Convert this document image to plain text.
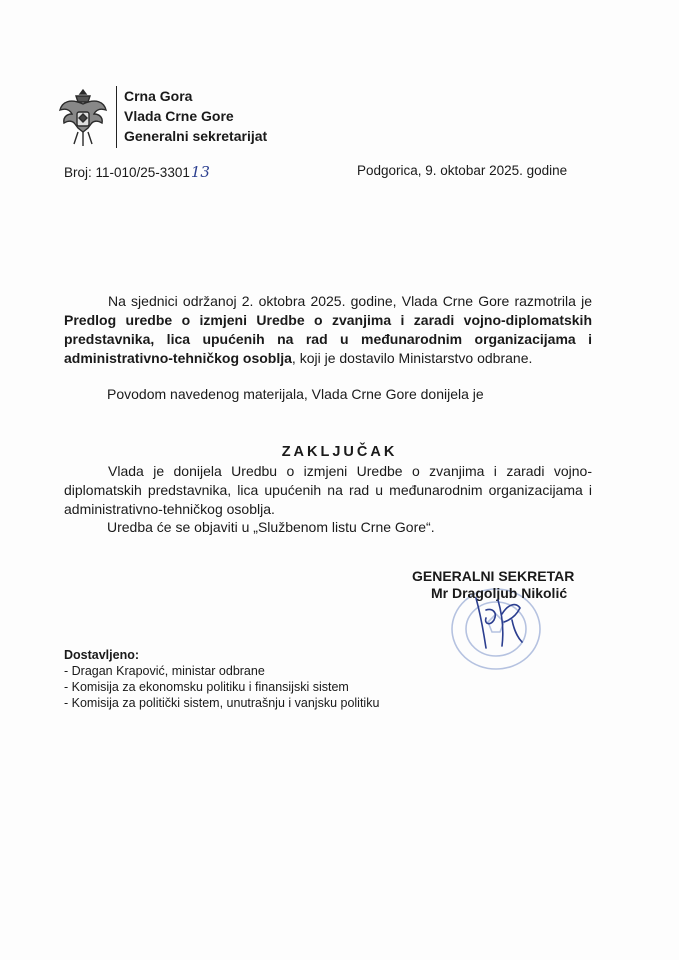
Crna Gora
Vlada Crne Gore
Generalni sekretarijat
Broj: 11-010/25-330113	Podgorica, 9. oktobar 2025. godine

Na sjednici održanoj 2. oktobra 2025. godine, Vlada Crne Gore razmotrila je Predlog uredbe o izmjeni Uredbe o zvanjima i zaradi vojno-diplomatskih predstavnika, lica upućenih na rad u međunarodnim organizacijama i administrativno-tehničkog osoblja, koji je dostavilo Ministarstvo odbrane.

Povodom navedenog materijala, Vlada Crne Gore donijela je

ZAKLJUČAK

Vlada je donijela Uredbu o izmjeni Uredbe o zvanjima i zaradi vojno-diplomatskih predstavnika, lica upućenih na rad u međunarodnim organizacijama i administrativno-tehničkog osoblja.

Uredba će se objaviti u „Službenom listu Crne Gore“.

GENERALNI SEKRETAR
Mr Dragoljub Nikolić
Dostavljeno:
- Dragan Krapović, ministar odbrane
- Komisija za ekonomsku politiku i finansijski sistem
- Komisija za politički sistem, unutrašnju i vanjsku politiku
